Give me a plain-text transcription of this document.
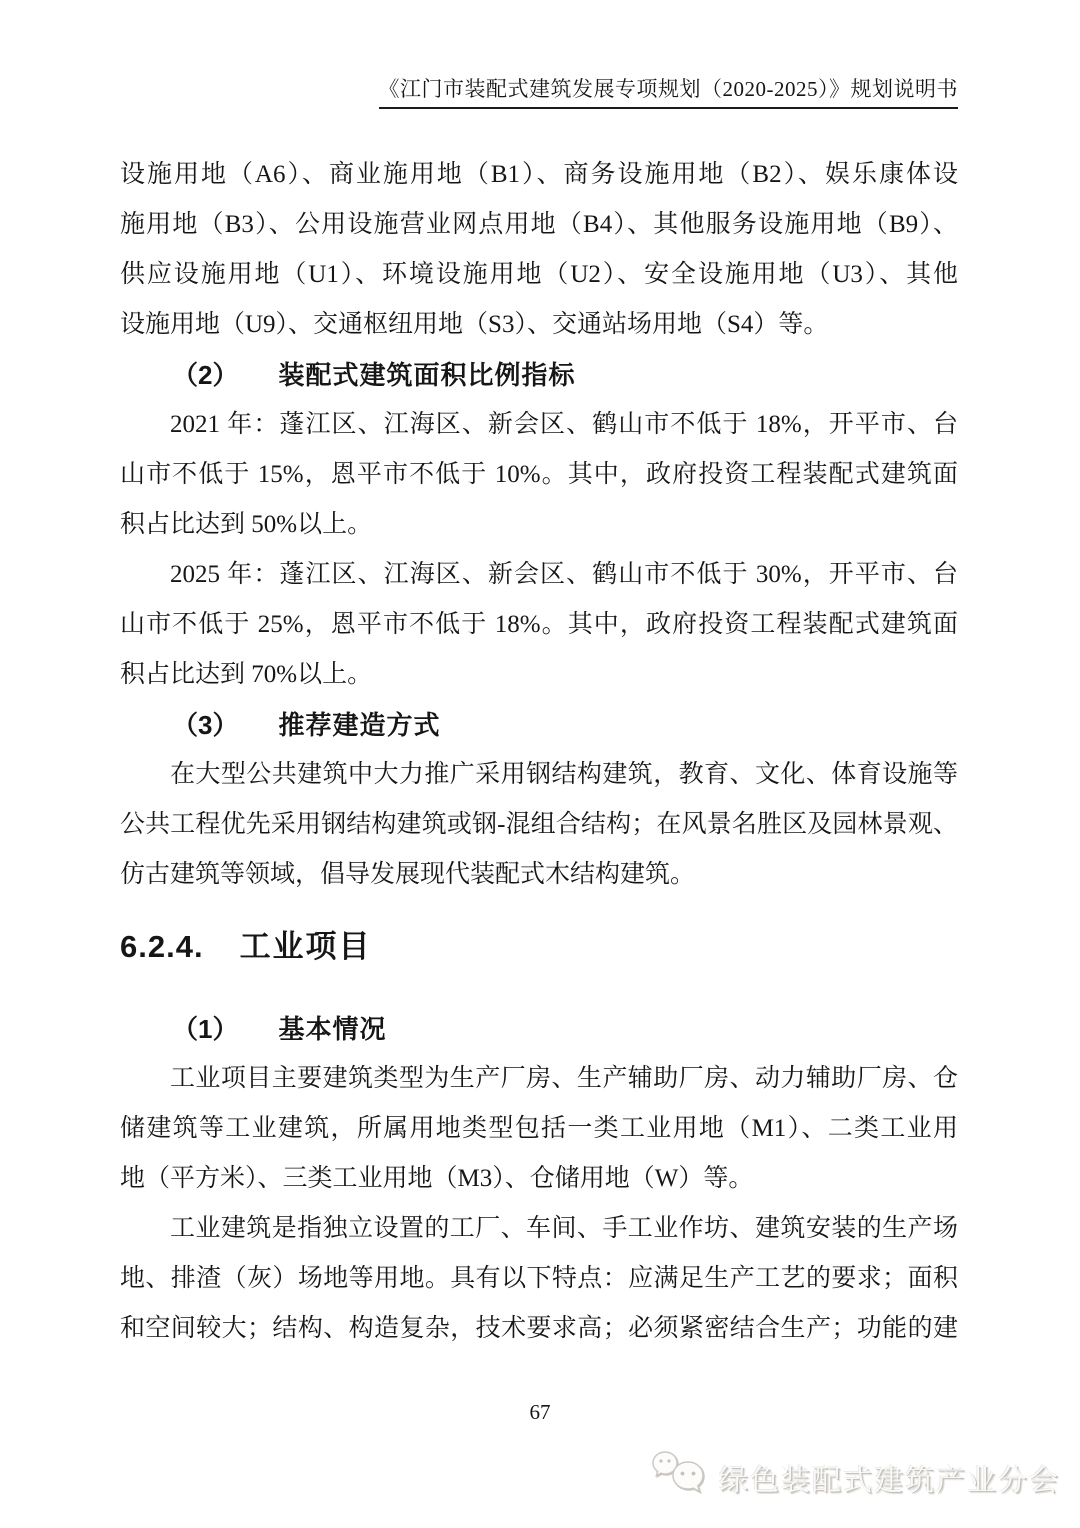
《江门市装配式建筑发展专项规划（2020-2025）》规划说明书
设施用地（A6）、商业施用地（B1）、商务设施用地（B2）、娱乐康体设
施用地（B3）、公用设施营业网点用地（B4）、其他服务设施用地（B9）、
供应设施用地（U1）、环境设施用地（U2）、安全设施用地（U3）、其他
设施用地（U9）、交通枢纽用地（S3）、交通站场用地（S4）等。
（2） 装配式建筑面积比例指标
2021 年：蓬江区、江海区、新会区、鹤山市不低于 18%，开平市、台
山市不低于 15%，恩平市不低于 10%。其中，政府投资工程装配式建筑面
积占比达到 50%以上。
2025 年：蓬江区、江海区、新会区、鹤山市不低于 30%，开平市、台
山市不低于 25%，恩平市不低于 18%。其中，政府投资工程装配式建筑面
积占比达到 70%以上。
（3） 推荐建造方式
在大型公共建筑中大力推广采用钢结构建筑，教育、文化、体育设施等
公共工程优先采用钢结构建筑或钢-混组合结构；在风景名胜区及园林景观、
仿古建筑等领域，倡导发展现代装配式木结构建筑。
6.2.4. 工业项目
（1） 基本情况
工业项目主要建筑类型为生产厂房、生产辅助厂房、动力辅助厂房、仓
储建筑等工业建筑，所属用地类型包括一类工业用地（M1）、二类工业用
地（平方米）、三类工业用地（M3）、仓储用地（W）等。
工业建筑是指独立设置的工厂、车间、手工业作坊、建筑安装的生产场
地、排渣（灰）场地等用地。具有以下特点：应满足生产工艺的要求；面积
和空间较大；结构、构造复杂，技术要求高；必须紧密结合生产；功能的建
67
绿色装配式建筑产业分会
